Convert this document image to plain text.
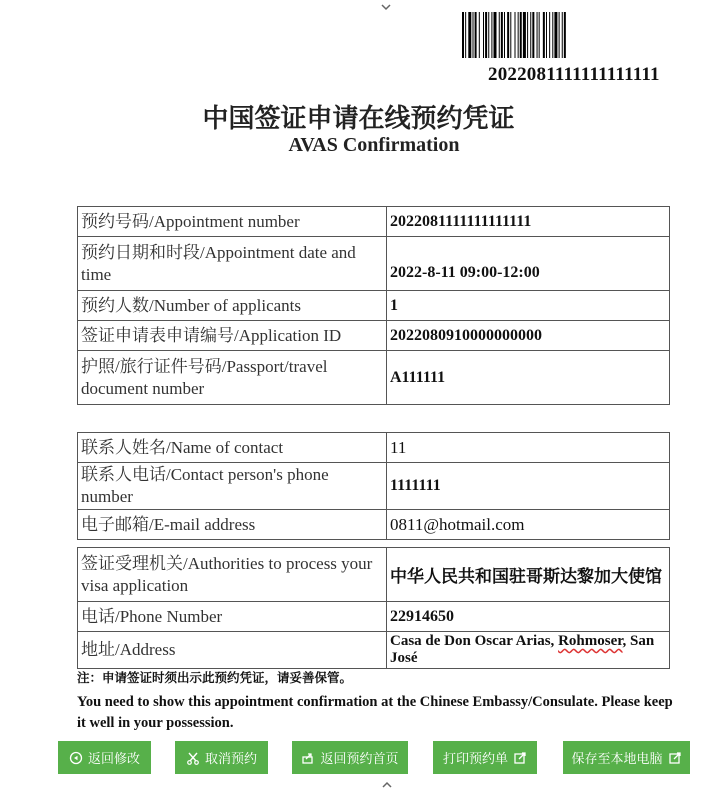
2022081111111111111
中国签证申请在线预约凭证
AVAS Confirmation
预约号码/Appointment number	2022081111111111111
预约日期和时段/Appointment date and time	2022-8-11 09:00-12:00
预约人数/Number of applicants	1
签证申请表申请编号/Application ID	2022080910000000000
护照/旅行证件号码/Passport/travel document number	A111111
联系人姓名/Name of contact	11
联系人电话/Contact person's phone number	1111111
电子邮箱/E-mail address	0811@hotmail.com
签证受理机关/Authorities to process your visa application	中华人民共和国驻哥斯达黎加大使馆
电话/Phone Number	22914650
地址/Address	Casa de Don Oscar Arias, Rohmoser, San José
注：申请签证时须出示此预约凭证，请妥善保管。
You need to show this appointment confirmation at the Chinese Embassy/Consulate. Please keep it well in your possession.
返回修改	取消预约	返回预约首页	打印预约单	保存至本地电脑
